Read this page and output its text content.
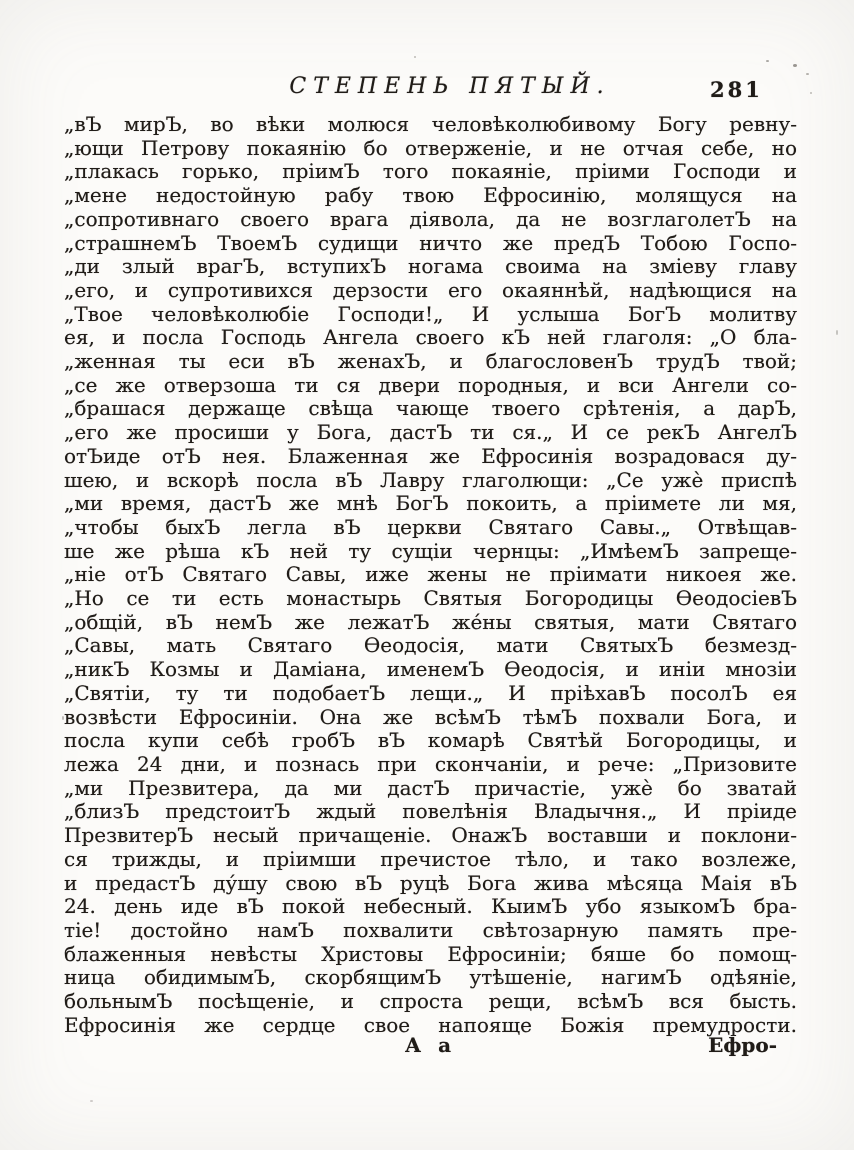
СТЕПЕНЬ ПЯТЫЙ.	281
„вЪ мирЪ, во вѣки молюся человѣколюбивому Богу ревну-
„ющи Петрову покаянію бо отверженіе, и не отчая себе, но
„плакась горько, пріимЪ того покаяніе, пріими Господи и
„мене недостойную рабу твою Ефросинію, молящуся на
„сопротивнаго своего врага діявола, да не возглаголетЪ на
„страшнемЪ ТвоемЪ судищи ничто же предЪ Тобою Госпо-
„ди злый врагЪ, вступихЪ ногама своима на зміеву главу
„его, и супротивихся дерзости его окаяннѣй, надѣющися на
„Твое человѣколюбіе Господи!„ И услыша БогЪ молитву
ея, и посла Господь Ангела своего кЪ ней глаголя: „О бла-
„женная ты еси вЪ женахЪ, и благословенЪ трудЪ твой;
„се же отверзоша ти ся двери породныя, и вси Ангели со-
„брашася держаще свѣща чающе твоего срѣтенія, а дарЪ,
„его же просиши у Бога, дастЪ ти ся.„ И се рекЪ АнгелЪ
отЪиде отЪ нея. Блаженная же Ефросинія возрадовася ду-
шею, и вскорѣ посла вЪ Лавру глаголющи: „Се ужѐ приспѣ
„ми время, дастЪ же мнѣ БогЪ покоить, а пріимете ли мя,
„чтобы быхЪ легла вЪ церкви Святаго Савы.„ Отвѣщав-
ше же рѣша кЪ ней ту сущіи чернцы: „ИмѣемЪ запреще-
„ніе отЪ Святаго Савы, иже жены не пріимати никоея же.
„Но се ти есть монастырь Святыя Богородицы ѲеодосіевЪ
„общій, вЪ немЪ же лежатЪ же́ны святыя, мати Святаго
„Савы, мать Святаго Ѳеодосія, мати СвятыхЪ безмезд-
„никЪ Козмы и Даміана, именемЪ Ѳеодосія, и иніи мнозіи
„Святіи, ту ти подобаетЪ лещи.„ И пріѣхавЪ посолЪ ея
возвѣсти Ефросиніи. Она же всѣмЪ тѣмЪ похвали Бога, и
посла купи себѣ гробЪ вЪ комарѣ Святѣй Богородицы, и
лежа 24 дни, и познась при скончаніи, и рече: „Призовите
„ми Презвитера, да ми дастЪ причастіе, ужѐ бо зватай
„близЪ предстоитЪ ждый повелѣнія Владычня.„ И пріиде
ПрезвитерЪ несый причащеніе. ОнажЪ воставши и поклони-
ся трижды, и пріимши пречистое тѣло, и тако возлеже,
и предастЪ ду́шу свою вЪ руцѣ Бога жива мѣсяца Маія вЪ
24. день иде вЪ покой небесный. КыимЪ убо языкомЪ бра-
тіе! достойно намЪ похвалити свѣтозарную память пре-
блаженныя невѣсты Христовы Ефросиніи; бяше бо помощ-
ница обидимымЪ, скорбящимЪ утѣшеніе, нагимЪ одѣяніе,
больнымЪ посѣщеніе, и спроста рещи, всѣмЪ вся бысть.
Ефросинія же сердце свое напояще Божія премудрости.
А а	Ефро-
